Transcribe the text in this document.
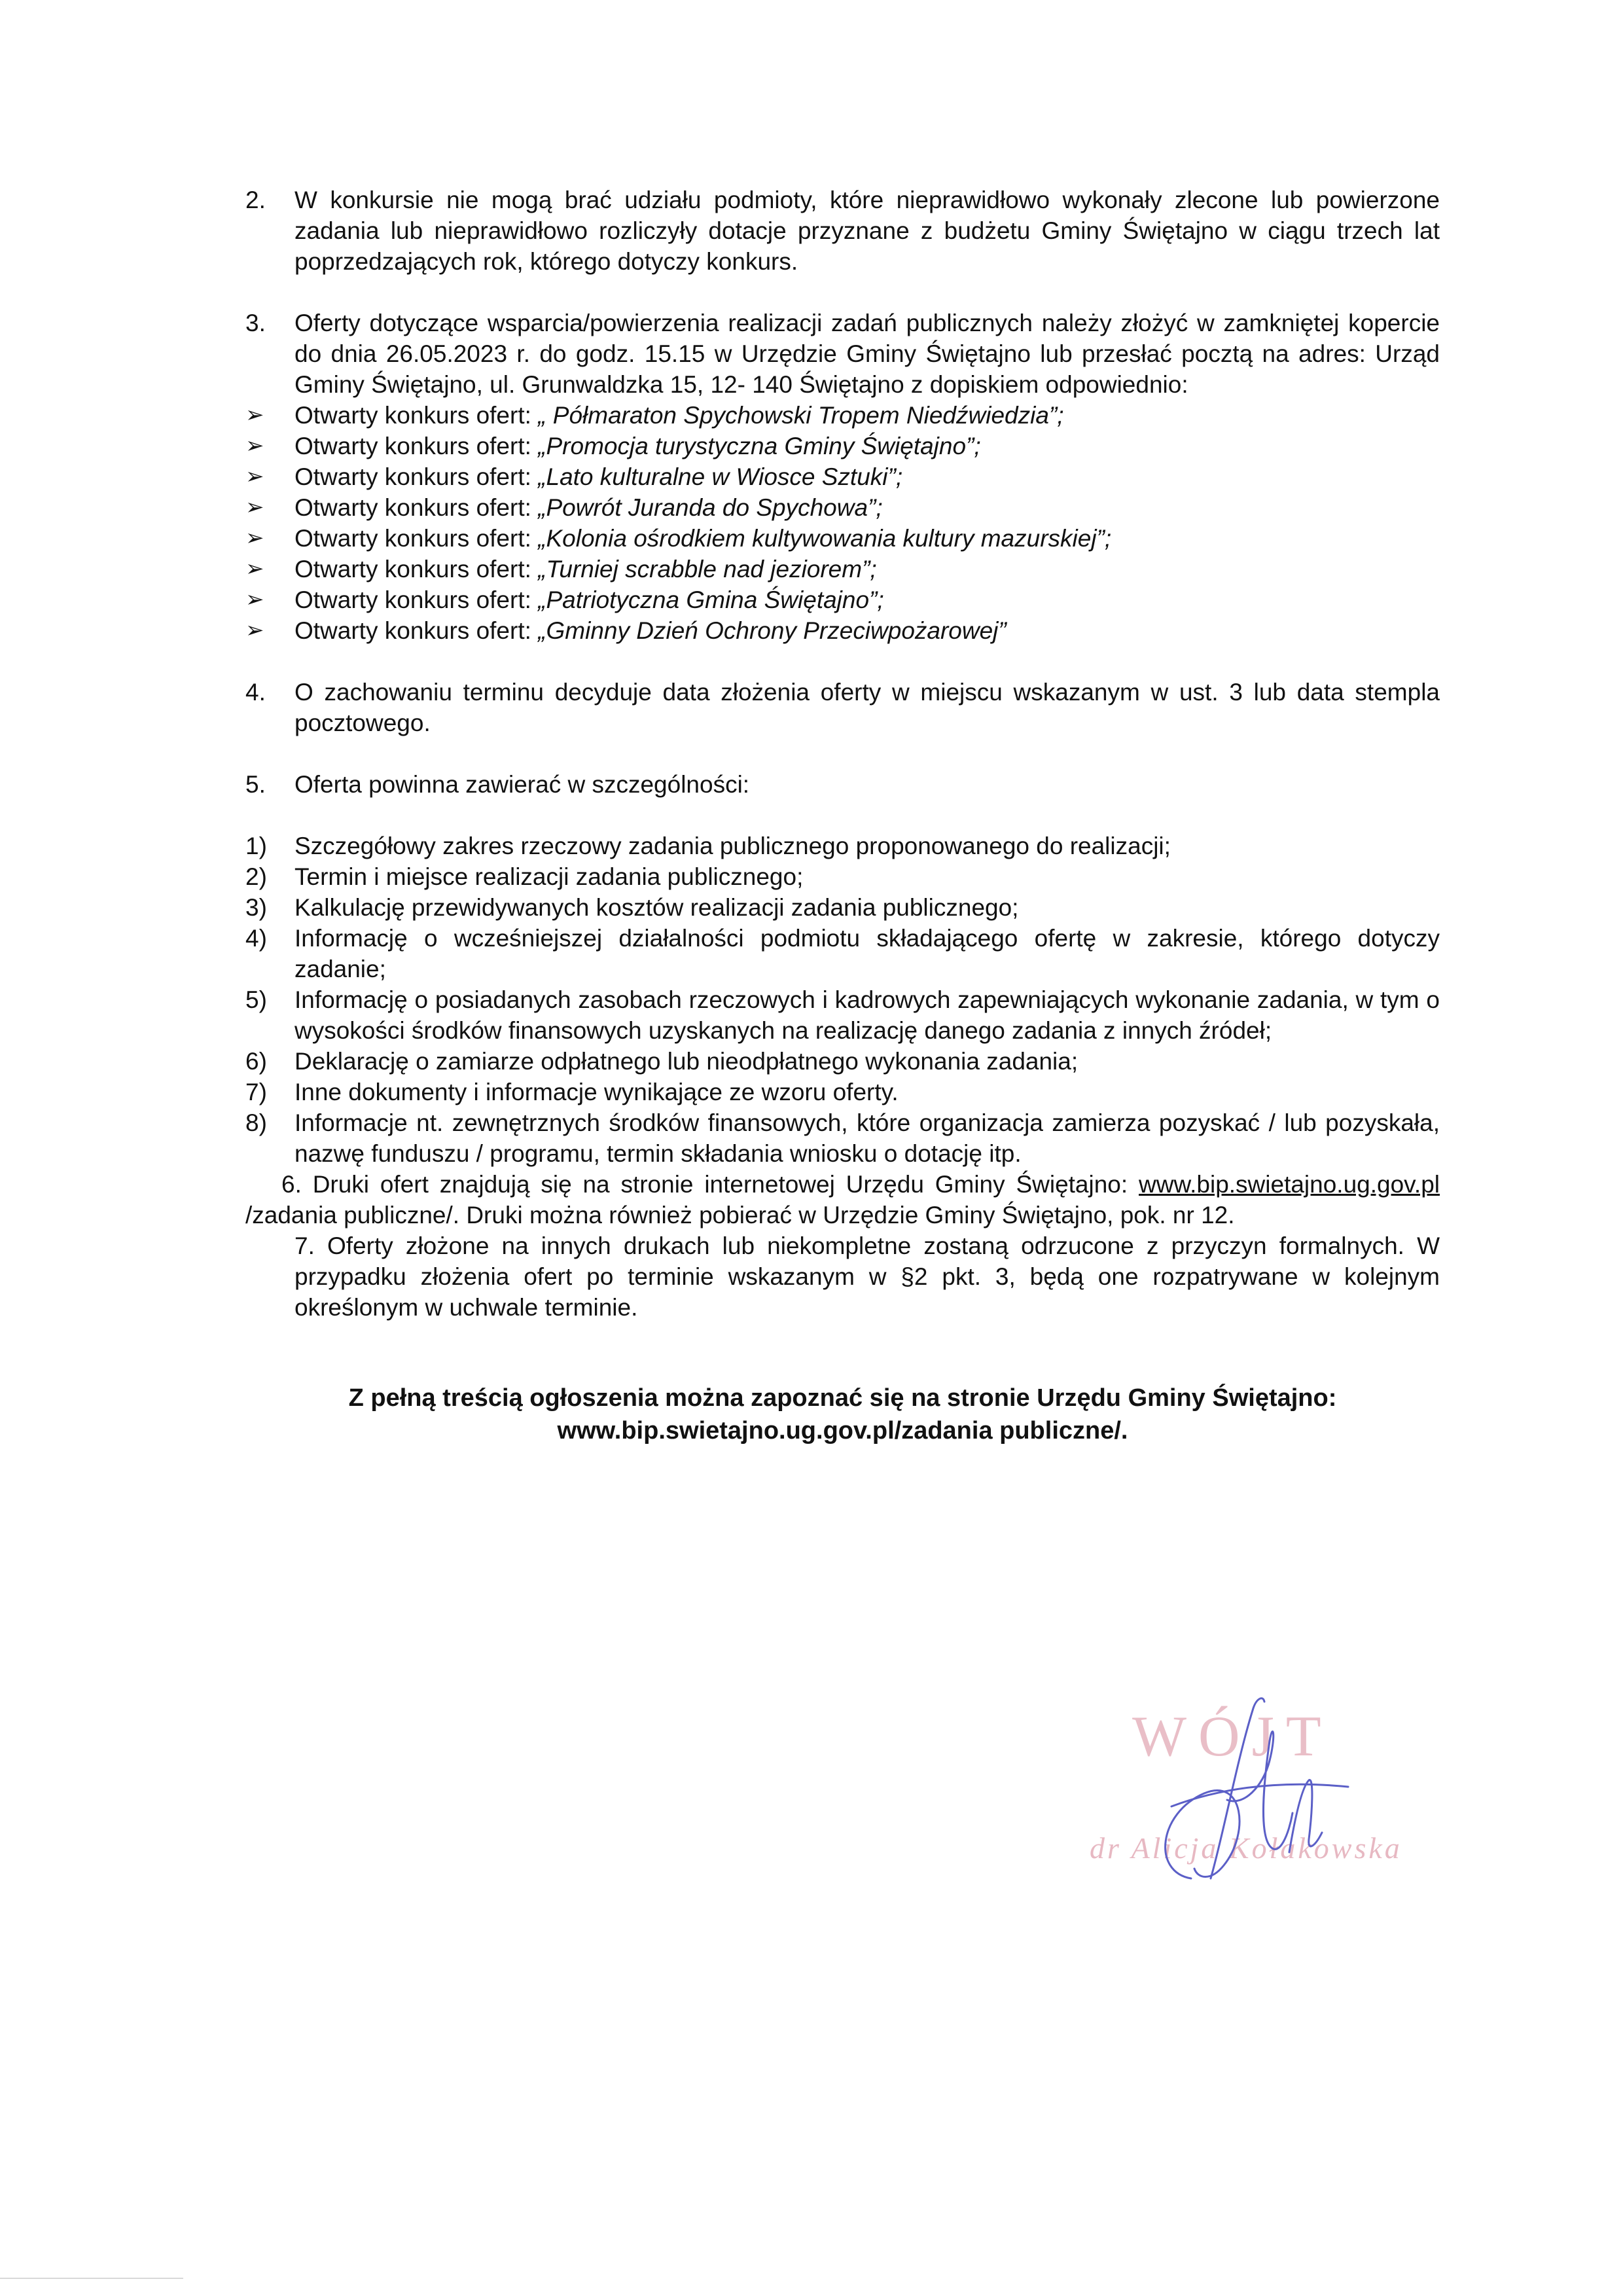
2. W konkursie nie mogą brać udziału podmioty, które nieprawidłowo wykonały zlecone lub powierzone zadania lub nieprawidłowo rozliczyły dotacje przyznane z budżetu Gminy Świętajno w ciągu trzech lat poprzedzających rok, którego dotyczy konkurs.
3. Oferty dotyczące wsparcia/powierzenia realizacji zadań publicznych należy złożyć w zamkniętej kopercie do dnia 26.05.2023 r. do godz. 15.15 w Urzędzie Gminy Świętajno lub przesłać pocztą na adres: Urząd Gminy Świętajno, ul. Grunwaldzka 15, 12- 140 Świętajno z dopiskiem odpowiednio:
➢ Otwarty konkurs ofert: „ Półmaraton Spychowski Tropem Niedźwiedzia”;
➢ Otwarty konkurs ofert: „Promocja turystyczna Gminy Świętajno”;
➢ Otwarty konkurs ofert: „Lato kulturalne w Wiosce Sztuki”;
➢ Otwarty konkurs ofert: „Powrót Juranda do Spychowa”;
➢ Otwarty konkurs ofert: „Kolonia ośrodkiem kultywowania kultury mazurskiej”;
➢ Otwarty konkurs ofert: „Turniej scrabble nad jeziorem”;
➢ Otwarty konkurs ofert: „Patriotyczna Gmina Świętajno”;
➢ Otwarty konkurs ofert: „Gminny Dzień Ochrony Przeciwpożarowej”
4. O zachowaniu terminu decyduje data złożenia oferty w miejscu wskazanym w ust. 3 lub data stempla pocztowego.
5. Oferta powinna zawierać w szczególności:
1) Szczegółowy zakres rzeczowy zadania publicznego proponowanego do realizacji;
2) Termin i miejsce realizacji zadania publicznego;
3) Kalkulację przewidywanych kosztów realizacji zadania publicznego;
4) Informację o wcześniejszej działalności podmiotu składającego ofertę w zakresie, którego dotyczy zadanie;
5) Informację o posiadanych zasobach rzeczowych i kadrowych zapewniających wykonanie zadania, w tym o wysokości środków finansowych uzyskanych na realizację danego zadania z innych źródeł;
6) Deklarację o zamiarze odpłatnego lub nieodpłatnego wykonania zadania;
7) Inne dokumenty i informacje wynikające ze wzoru oferty.
8) Informacje nt. zewnętrznych środków finansowych, które organizacja zamierza pozyskać / lub pozyskała, nazwę funduszu / programu, termin składania wniosku o dotację itp.
6. Druki ofert znajdują się na stronie internetowej Urzędu Gminy Świętajno: www.bip.swietajno.ug.gov.pl /zadania publiczne/. Druki można również pobierać w Urzędzie Gminy Świętajno, pok. nr 12.
7. Oferty złożone na innych drukach lub niekompletne zostaną odrzucone z przyczyn formalnych. W przypadku złożenia ofert po terminie wskazanym w §2 pkt. 3, będą one rozpatrywane w kolejnym określonym w uchwale terminie.
Z pełną treścią ogłoszenia można zapoznać się na stronie Urzędu Gminy Świętajno:
www.bip.swietajno.ug.gov.pl/zadania publiczne/.
WÓJT
dr Alicja Kołakowska
